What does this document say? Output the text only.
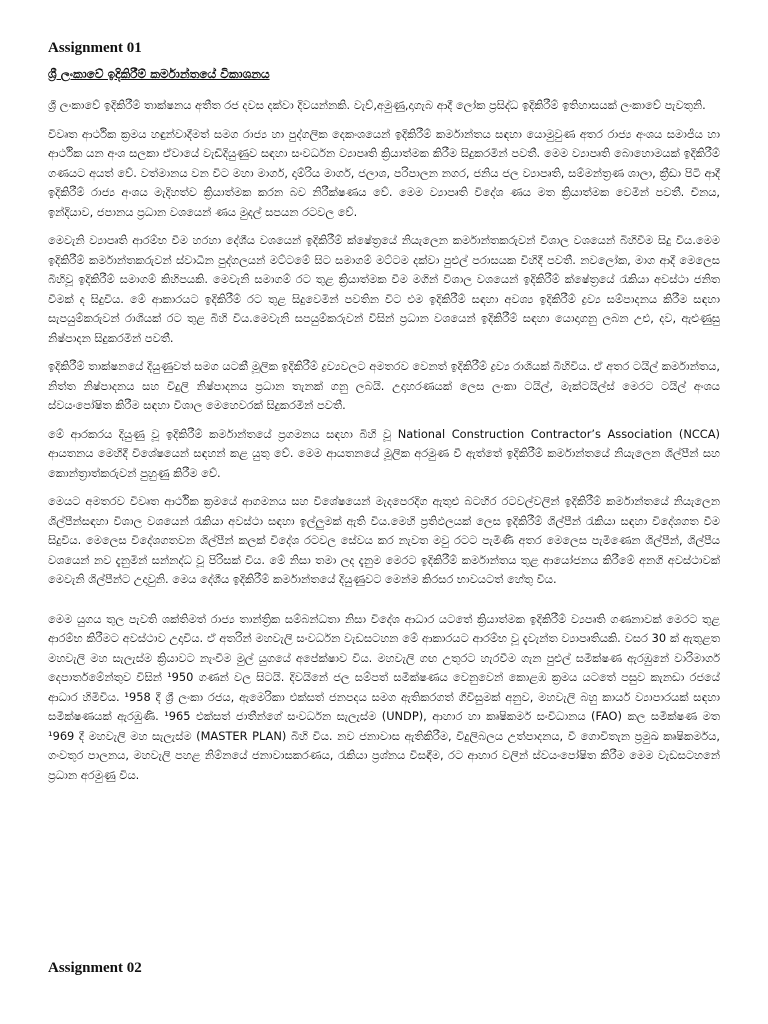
Assignment 01
ශ්‍රී ලංකාවේ ඉදිකිරීම් කර්මාන්තයේ විකාශනය

ශ්‍රී ලංකාවේ ඉදිකිරීම් තාක්ෂනය අතීත රජ දවස දක්වා දිවයන්නකි. වැව්,අමුණු,දාගැබ ආදී ලෝක ප්‍රසිද්ධ ඉදිකිරීම් ඉතිහාසයක් ලංකාවේ පැවතුනි.

විවෘත ආර්ථික ක්‍රමය හඳුන්වාදීමත් සමග රාජ්‍ය හා පුද්ගලික දෙකංශයෙන් ඉදිකිරීම් කර්මාන්තය සඳහා යොමුවුණ අතර රාජ්‍ය අංශය සමාජීය හා ආර්ථික යන අංශ සලකා ඒවායේ වැඩිදියුණුව සඳහා සංවර්ධන ව්‍යාපෘති ක්‍රියාත්මක කිරීම සිදුකරමින් පවතී. මෙම ව්‍යාපෘති බොහොමයක් ඉදිකිරීම් ගණයට අයත් වේ. වත්මානය වන විට මහා මාර්ග, ද්‍රුම්රිය මාර්ග, ජලාශ, පරිපාලන නගර, ජනිය ජල ව්‍යාපෘති, සම්මන්ත්‍රණ ශාලා, ක්‍රීඩා පිටි ආදී ඉදිකිරීම් රාජ්‍ය අංශය මැදිහත්ව ක්‍රියාත්මක කරන බව නිරීක්ෂණය වේ. මෙම ව්‍යාපෘති විදේශ ණය මත ක්‍රියාත්මක වෙමින් පවතී. චීනය, ඉන්දියාව, ජපානය ප්‍රධාන වශයෙන් ණය මුදල් සපයන රටවල වේ.

මෙවැනි ව්‍යාපෘති ආරම්භ වීම හරහා දේශීය වශයෙන් ඉදිකිරීම් ක්ෂේත්‍රයේ නියැලෙන කර්මාන්තකරුවන් විශාල වශයෙන් බිහිවීම සිදු විය.මෙම ඉදිකිරීම් කර්මාන්තකරුවන් ස්වාධීන පුද්ගලයන් මට්ටමේ සිට සමාගම් මට්ටම දක්වා පුළුල් පරාසයක විහිදී පවතී. නවලෝක, මාග ආදී මෙලෙස බිහිවූ ඉදිකිරීම් සමාගම් කිහිපයකි. මෙවැනි සමාගම් රට තුළ ක්‍රියාත්මක වීම මගින් විශාල වශයෙන් ඉදිකිරීම් ක්ෂේත්‍රයේ රැකියා අවස්ථා ජනිත වීමක් ද සිදුවිය. මේ ආකාරයට ඉදිකිරීම් රට තුළ සිදුවෙමින් පවතින විට එම ඉදිකිරීම් සඳහා අවශ්‍ය ඉදිකිරීම් ද්‍රව්‍ය සම්පාදනය කිරීම සඳහා සැපයුම්කරුවන් රාශියක් රට තුළ බිහි විය.මෙවැනි සපයුම්කරුවන් විසින් ප්‍රධාන වශයෙන් ඉදිකිරීම් සඳහා යොදාගනු ලබන උළු, දව, ඇළුණුසු නිෂ්පාදන සිදුකරමින් පවතී.

ඉදිකිරීම් තාක්ෂනයේ දියුණුවත් සමග යටකී මූලික ඉදිකිරීම් ද්‍රව්‍යවලට අමතරව වෙනත් ඉදිකිරීම් ද්‍රව්‍ය රාශියක් බිහිවිය. ඒ අතර ටයිල් කර්මාන්තය, නිත්ත නිෂ්පාදනය සහ විදුලි නිෂ්පාදනය ප්‍රධාන තැනක් ගනු ලබයි. උදාහරණයක් ලෙස ලංකා ටයිල්, මැක්ටයිල්ස් මෙරට ටයිල් අංශය ස්වයංපෝෂිත කිරීම සඳහා විශාල මෙහෙවරක් සිදුකරමින් පවතී.

මේ ආරකරය දියුණු වූ ඉදිකිරීම් කර්මාන්තයේ ප්‍රගමනය සඳහා බිහි වූ National Construction Contractor’s Association (NCCA) ආයතනය මෙහිදී විශේෂයෙන් සඳහන් කළ යුතු වේ. මෙම ආයතනයේ මූලික අරමුණ වී ඇත්තේ ඉදිකිරීම් කර්මාන්තයේ නියැලෙන ශිල්පීන් සහ කොන්ත්‍රාත්කරුවන් පුහුණු කිරීම වේ.

මෙයට අමතරව විවෘත ආර්ථික ක්‍රමයේ ආගමනය සහ විශේෂයෙන් මැදපෙරදිග ඇතුළු බටහිර රටවල්වලින් ඉදිකිරීම් කර්මාන්තයේ නියැලෙන ශිල්පීන්සඳහා විශාල වශයෙන් රැකියා අවස්ථා සඳහා ඉල්ලුමක් ඇති විය.මෙහි ප්‍රතිඵලයක් ලෙස ඉදිකිරීම් ශිල්පීන් රැකියා සඳහා විදේශගත වීම සිදුවිය. මෙලෙස විදේශගතවන ශිල්පීන් කලක් විදේශ රටවල සේවය කර නැවත මවු රටට පැමිණි අතර මෙලෙස පැමිණෙන ශිල්පීන්, ශිල්පීය වශයෙන් නව දැනුමින් සන්නද්ධ වූ පිරිසක් විය. මේ නිසා තමා ලද දැනුම මෙරට ඉදිකිරීම් කර්මාන්තය තුළ ආයෝජනය කිරීමේ අනගි අවස්ථාවක් මෙවැනි ශිල්පීන්ට උදාවුනි. මෙය දේශීය ඉදිකිරීම් කර්මාන්තයේ දියුණුවට මෙන්ම කිරසර භාවයටත් හේතු විය.

මෙම යුගය තුල පැවති ශක්තිමත් රාජ්‍ය තාන්ත්‍රික සම්බන්ධතා නිසා විදේශ ආධාර යටතේ ක්‍රියාත්මක ඉදිකිරීම් ව්‍යපෘති ගණනාවක් මෙරට තුළ ආරම්භ කිරීමට අවස්ථාව උදාවිය. ඒ අතරින් මහවැලි සංවර්ධන වැඩසටහන මේ ආකාරයට ආරම්භ වූ දැවැන්ත ව්‍යාපෘතියකි. වසර 30 ක් ඇතුළත මහවැලි මහ සැලැස්ම ක්‍රියාවට නැංවීම මුල් යුගයේ අපේක්ෂාව විය. මහවැලි ගඟ උතුරට හැරවීම ගැන පුළුල් සමීක්ෂණ ඇරඹුනේ වාරිමාර්ග දෙපාර්තමේන්තුව විසින් ¹950 ගණන් වල සිටයි. දිවයිනේ ජල සම්පත් සමීක්ෂණය වෙනුවෙන් කොළඹ ක්‍රමය යටතේ පසුව කැනඩා රජයේ ආධාර හිමිවිය. ¹958 දී ශ්‍රී ලංකා රජය, ඇමෙරිකා එක්සත් ජනපදය සමග ඇතිකරගත් ගිවිසුමක් අනුව, මහවැලි බහු කාර්ය ව්‍යාපාරයක් සඳහා සමීක්ෂණයක් ඇරඹුණි. ¹965 එක්සත් ජාතීන්ගේ සංවර්ධන සැලැස්ම (UNDP), ආහාර හා කෘෂිකර්ම සංවිධානය (FAO) කල සමීක්ෂණ මත ¹969 දී මහවැලි මහ සැලැස්ම (MASTER PLAN) බිහි විය. නව ජනාවාස ඇතිකිරීම, විදුලිබලය උත්පාදනය, වී ගොවිතැන ප්‍රමුඛ කෘෂිකර්මය, ගංවතුර පාලනය, මහවැලි පහළ නිම්නයේ ජනාවාසකරණය, රැකියා ප්‍රශ්නය විසඳීම, රට ආහාර වලින් ස්වයංපෝෂිත කිරීම මෙම වැඩසටහනේ ප්‍රධාන අරමුණු විය.

Assignment 02
